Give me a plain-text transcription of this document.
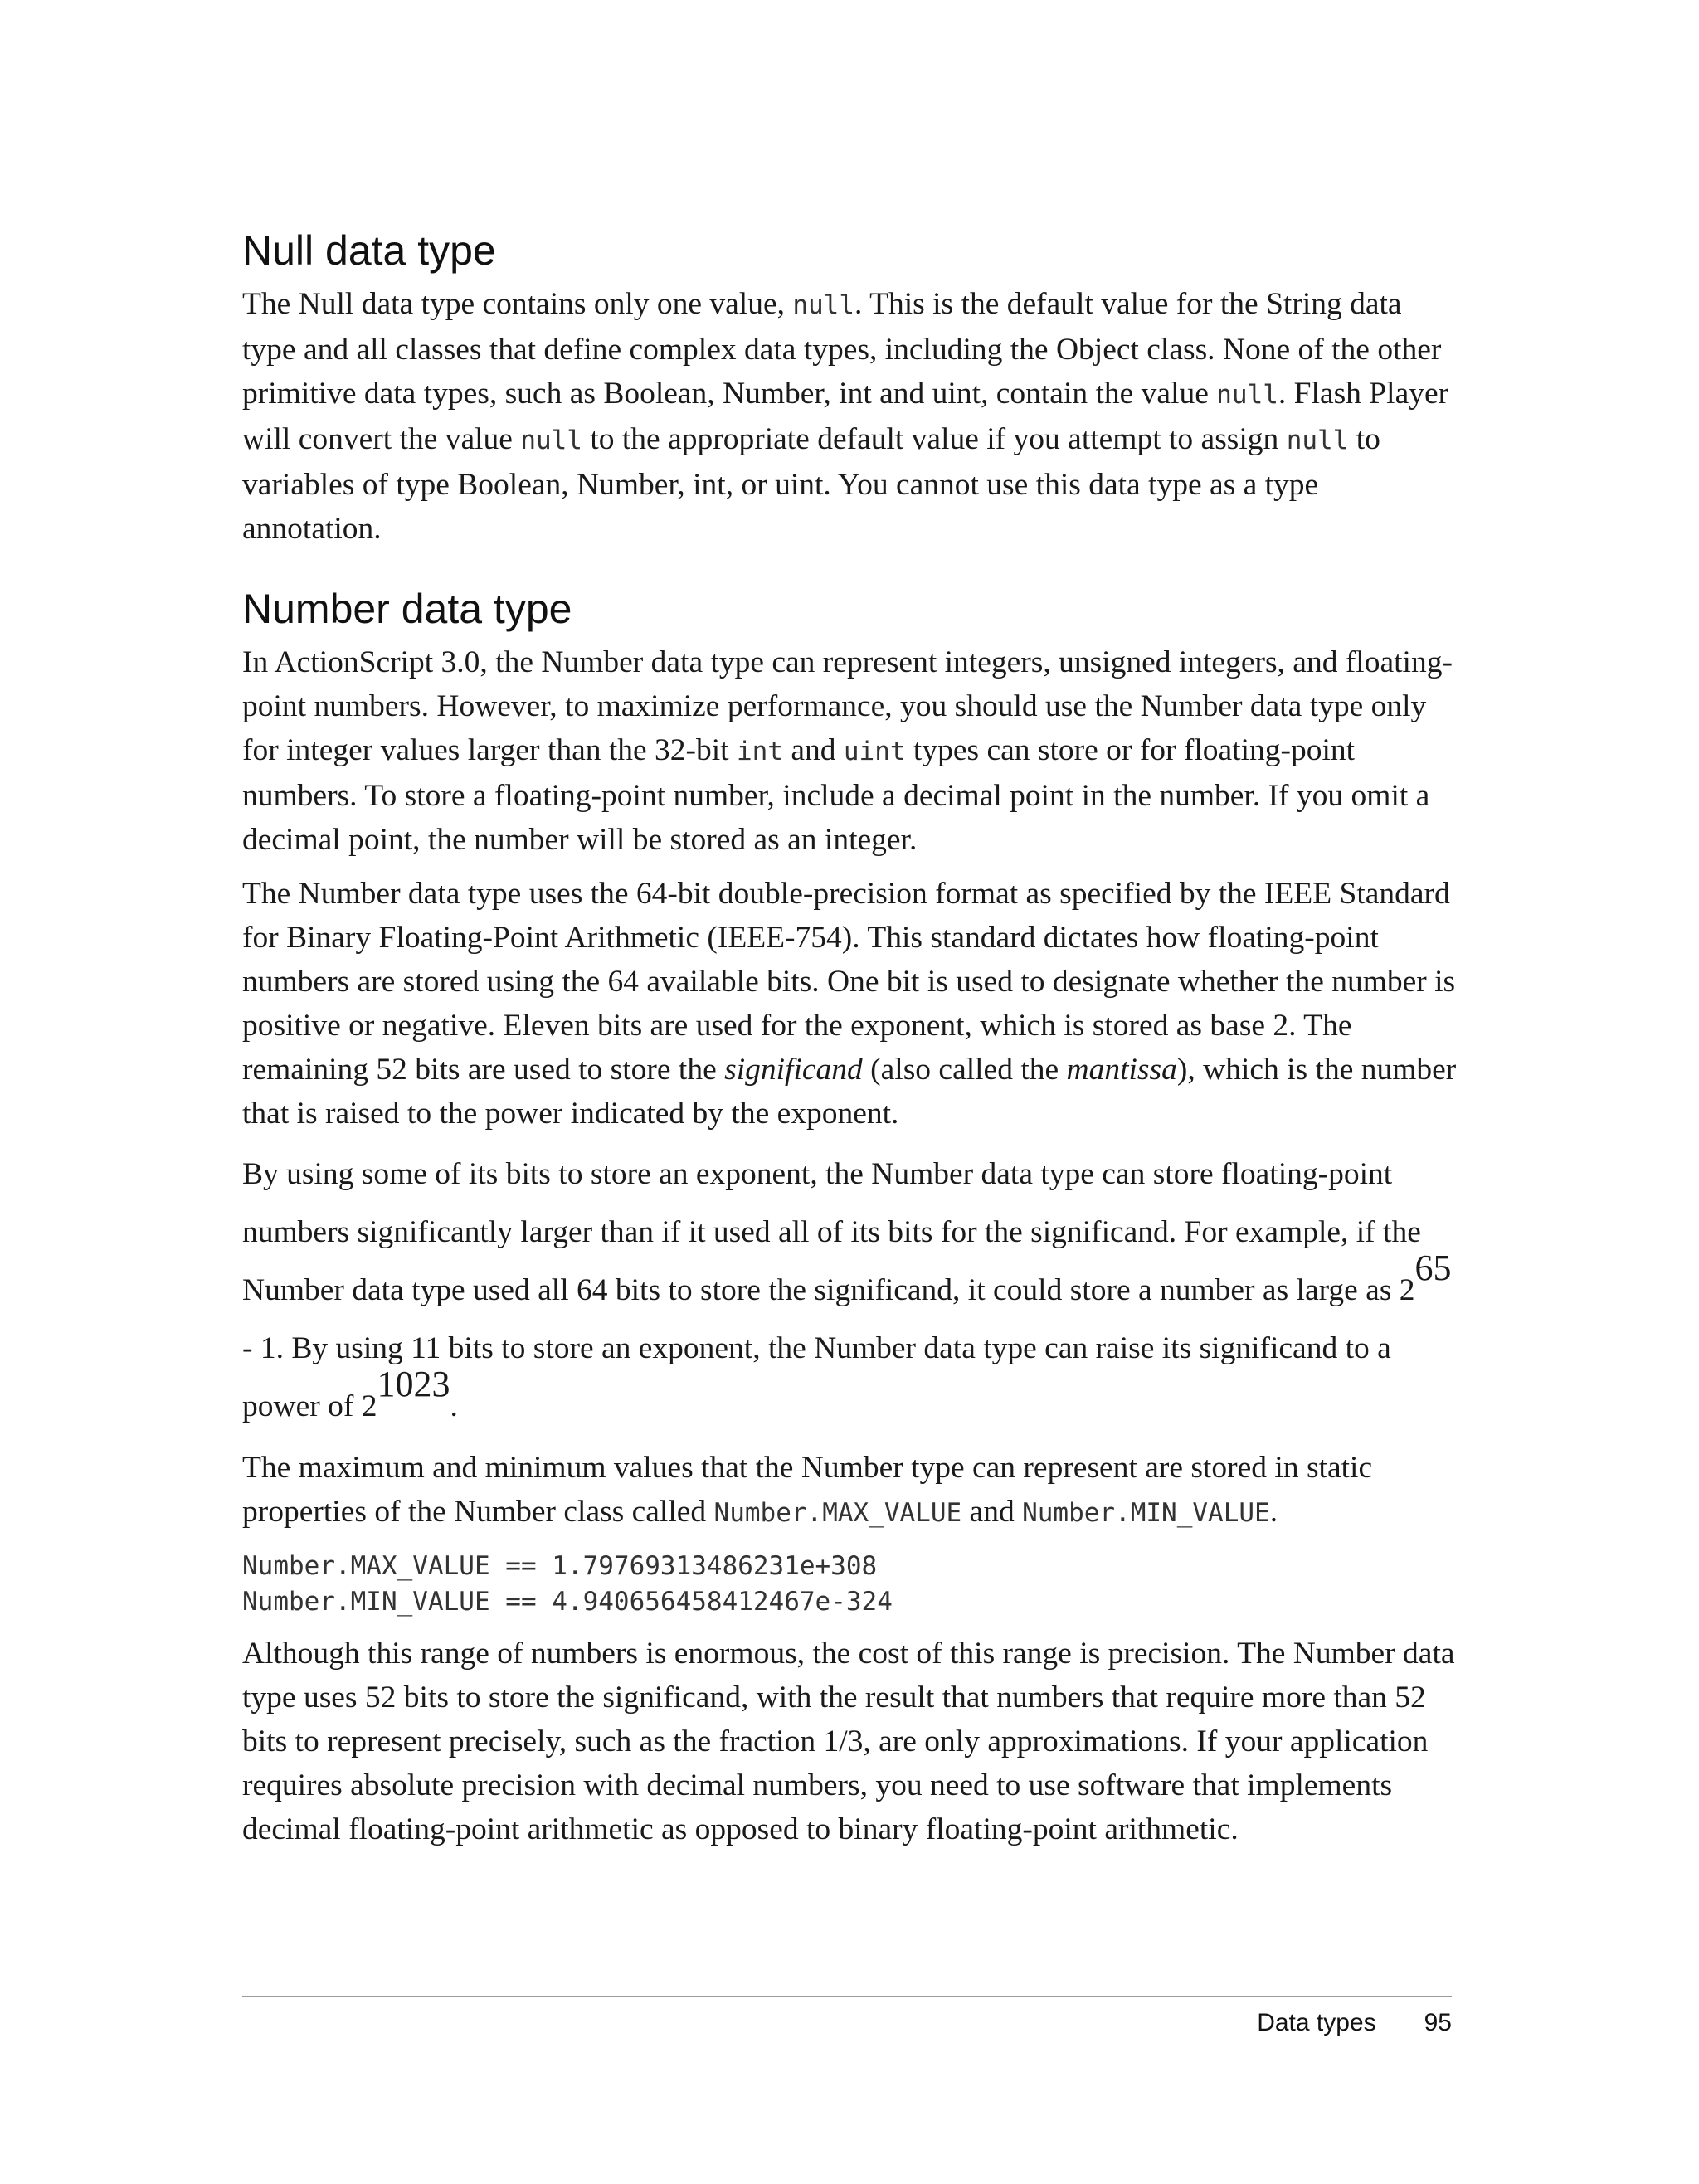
Null data type

The Null data type contains only one value, null. This is the default value for the String data type and all classes that define complex data types, including the Object class. None of the other primitive data types, such as Boolean, Number, int and uint, contain the value null. Flash Player will convert the value null to the appropriate default value if you attempt to assign null to variables of type Boolean, Number, int, or uint. You cannot use this data type as a type annotation.

Number data type

In ActionScript 3.0, the Number data type can represent integers, unsigned integers, and floating-point numbers. However, to maximize performance, you should use the Number data type only for integer values larger than the 32-bit int and uint types can store or for floating-point numbers. To store a floating-point number, include a decimal point in the number. If you omit a decimal point, the number will be stored as an integer.

The Number data type uses the 64-bit double-precision format as specified by the IEEE Standard for Binary Floating-Point Arithmetic (IEEE-754). This standard dictates how floating-point numbers are stored using the 64 available bits. One bit is used to designate whether the number is positive or negative. Eleven bits are used for the exponent, which is stored as base 2. The remaining 52 bits are used to store the significand (also called the mantissa), which is the number that is raised to the power indicated by the exponent.

By using some of its bits to store an exponent, the Number data type can store floating-point numbers significantly larger than if it used all of its bits for the significand. For example, if the Number data type used all 64 bits to store the significand, it could store a number as large as $2^{65} - 1$. By using 11 bits to store an exponent, the Number data type can raise its significand to a power of $2^{1023}$.

The maximum and minimum values that the Number type can represent are stored in static properties of the Number class called Number.MAX_VALUE and Number.MIN_VALUE.

Number.MAX_VALUE == 1.79769313486231e+308
Number.MIN_VALUE == 4.940656458412467e-324

Although this range of numbers is enormous, the cost of this range is precision. The Number data type uses 52 bits to store the significand, with the result that numbers that require more than 52 bits to represent precisely, such as the fraction 1/3, are only approximations. If your application requires absolute precision with decimal numbers, you need to use software that implements decimal floating-point arithmetic as opposed to binary floating-point arithmetic.

Data types 95
